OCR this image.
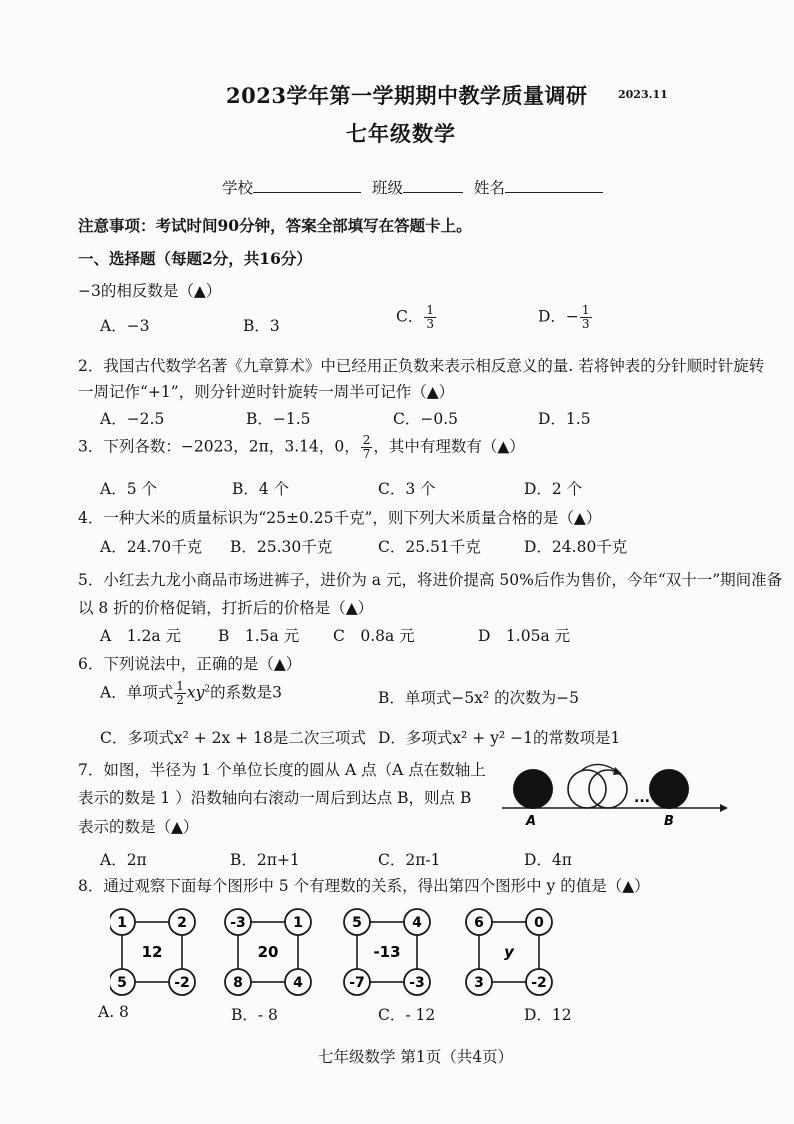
2023学年第一学期期中教学质量调研	2023.11
七年级数学
学校	班级	姓名
注意事项：考试时间90分钟，答案全部填写在答题卡上。
一、选择题（每题2分，共16分）
−3的相反数是（▲）
A．−3	B．3
C． $\frac{1}{3}$	D．− $\frac{1}{3}$
2．我国古代数学名著《九章算术》中已经用正负数来表示相反意义的量. 若将钟表的分针顺时针旋转
一周记作“+1”，则分针逆时针旋转一周半可记作（▲）
A．−2.5	B．−1.5	C．−0.5	D．1.5
3．下列各数：−2023，2π，3.14，0， $\frac{2}{7}$ ，其中有理数有（▲）
A．5 个	B．4 个	C．3 个	D．2 个
4．一种大米的质量标识为“25±0.25千克”，则下列大米质量合格的是（▲）
A．24.70千克 B．25.30千克	C．25.51千克	D．24.80千克
5．小红去九龙小商品市场进裤子，进价为 a 元，将进价提高 50%后作为售价，今年“双十一”期间准备
以 8 折的价格促销，打折后的价格是（▲）
A　1.2a 元 B　1.5a 元 C　0.8a 元	D　1.05a 元
6．下列说法中，正确的是（▲）
A．单项式 $\frac{1}{2} xy^2$的系数是3	B．单项式−5x² 的次数为−5
C．多项式x² + 2x + 18是二次三项式 D．多项式x² + y² −1的常数项是1
7．如图，半径为 1 个单位长度的圆从 A 点（A 点在数轴上
表示的数是 1 ）沿数轴向右滚动一周后到达点 B，则点 B
表示的数是（▲）
A．2π	B．2π+1	C．2π-1	D．4π
...
A	B
8．通过观察下面每个图形中 5 个有理数的关系，得出第四个图形中 y 的值是（▲）
1	2
5	-2
12
-3	1
8	4
20
5	4
-7	-3
-13
6	0
3	-2
y
A. 8	B．- 8	C．- 12	D．12
七年级数学 第1页（共4页）
